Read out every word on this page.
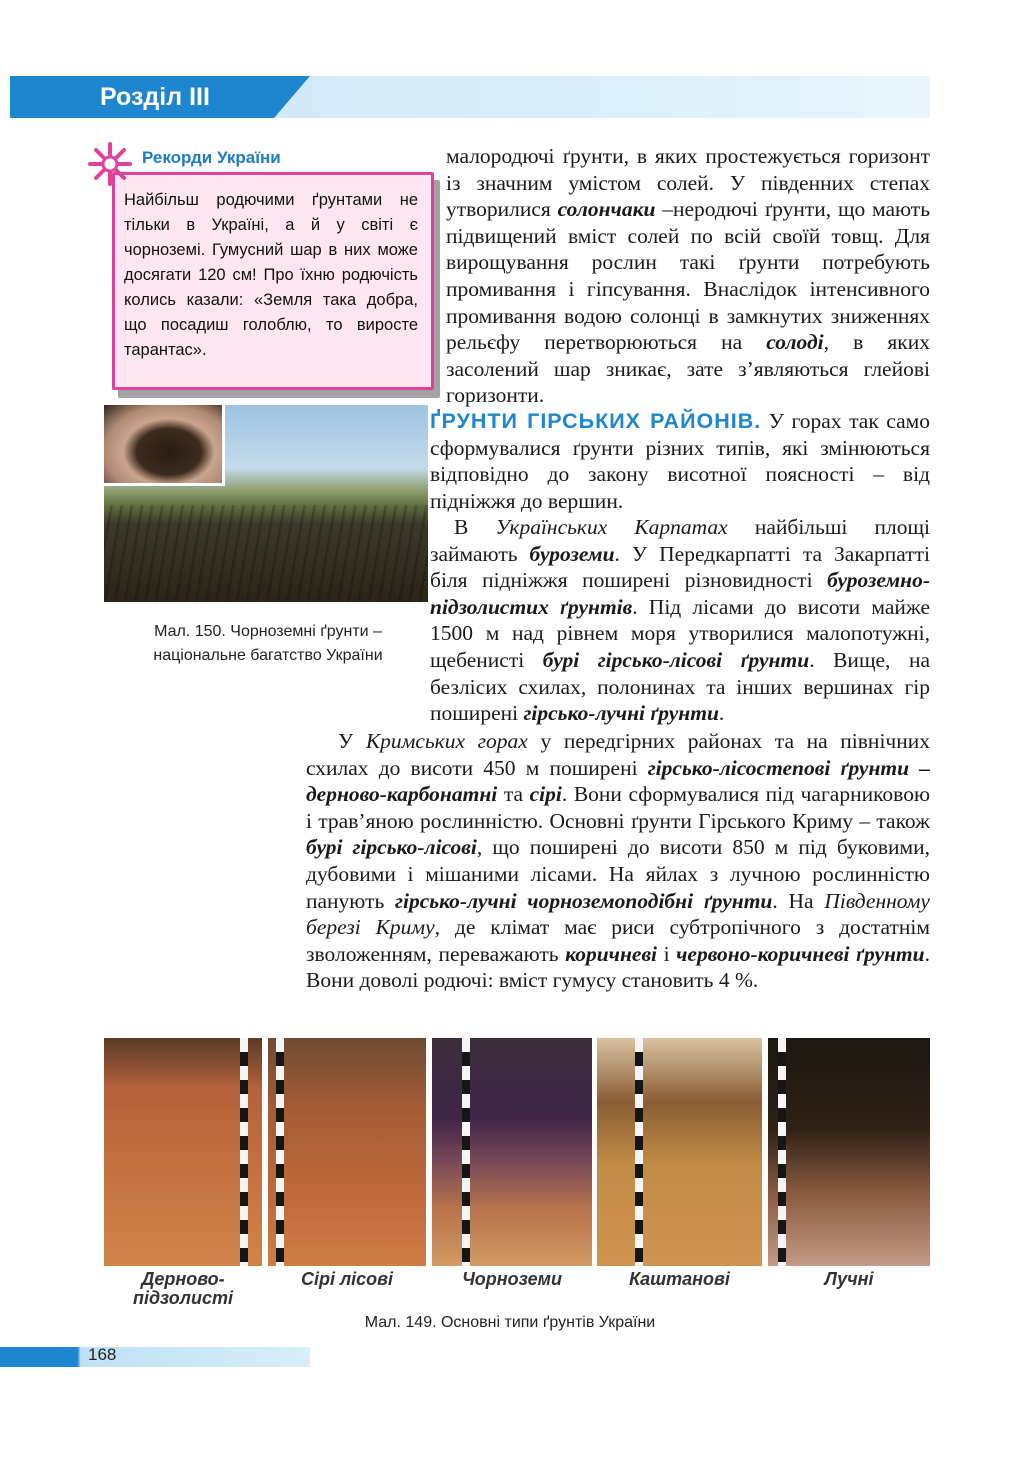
Розділ III
Рекорди України
Найбільш родючими ґрунтами не тільки в Україні, а й у світі є чорноземі. Гумусний шар в них може досягати 120 см! Про їхню родючість колись казали: «Земля така добра, що посадиш голоблю, то виросте тарантас».
Мал. 150. Чорноземні ґрунти –
національне багатство України
малородючі ґрунти, в яких простежується горизонт із значним умістом солей. У південних степах утворилися солончаки –неродючі ґрунти, що мають підвищений вміст солей по всій своїй товщ. Для вирощування рослин такі ґрунти потребують промивання і гіпсування. Внаслідок інтенсивного промивання водою солонці в замкнутих зниженнях рельєфу перетворюються на солоді, в яких засолений шар зникає, зате з’являються глейові горизонти.
ҐРУНТИ ГІРСЬКИХ РАЙОНІВ. У горах так само сформувалися ґрунти різних типів, які змінюються відповідно до закону висотної поясності – від підніжжя до вершин.
В Українських Карпатах найбільші площі займають буроземи. У Передкарпатті та Закарпатті біля підніжжя поширені різновидності буроземно-підзолистих ґрунтів. Під лісами до висоти майже 1500 м над рівнем моря утворилися малопотужні, щебенисті бурі гірсько-лісові ґрунти. Вище, на безлісих схилах, полонинах та інших вершинах гір поширені гірсько-лучні ґрунти.
У Кримських горах у передгірних районах та на північних схилах до висоти 450 м поширені гірсько-лісостепові ґрунти – дерново-карбонатні та сірі. Вони сформувалися під чагарниковою і трав’яною рослинністю. Основні ґрунти Гірського Криму – також бурі гірсько-лісові, що поширені до висоти 850 м під буковими, дубовими і мішаними лісами. На яйлах з лучною рослинністю панують гірсько-лучні чорноземоподібні ґрунти. На Південному березі Криму, де клімат має риси субтропічного з достатнім зволоженням, переважають коричневі і червоно-коричневі ґрунти. Вони доволі родючі: вміст гумусу становить 4 %.
Дерново-
підзолисті
Сірі лісові	Чорноземи	Каштанові	Лучні
Мал. 149. Основні типи ґрунтів України
168
